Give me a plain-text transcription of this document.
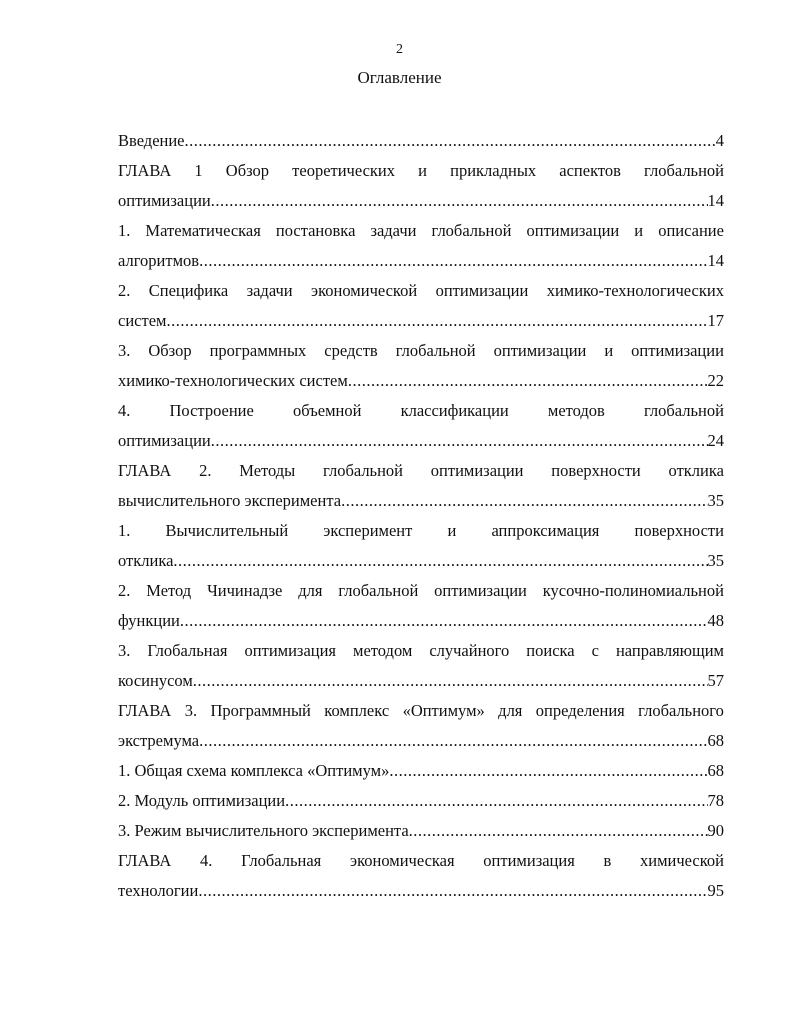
2
Оглавление
Введение .....	4
ГЛАВА 1 Обзор теоретических и прикладных аспектов глобальной
оптимизации .....	14
1. Математическая постановка задачи глобальной оптимизации и описание
алгоритмов .....	14
2. Специфика задачи экономической оптимизации химико-технологических
систем .....	17
3. Обзор программных средств глобальной оптимизации и оптимизации
химико-технологических систем .....	22
4. Построение объемной классификации методов глобальной
оптимизации .....	24
ГЛАВА 2. Методы глобальной оптимизации поверхности отклика
вычислительного эксперимента .....	35
1. Вычислительный эксперимент и аппроксимация поверхности
отклика .....	35
2. Метод Чичинадзе для глобальной оптимизации кусочно-полиномиальной
функции .....	48
3. Глобальная оптимизация методом случайного поиска с направляющим
косинусом .....	57
ГЛАВА 3. Программный комплекс «Оптимум» для определения глобального
экстремума .....	68
1. Общая схема комплекса «Оптимум» .....	68
2. Модуль оптимизации .....	78
3. Режим вычислительного эксперимента .....	90
ГЛАВА 4. Глобальная экономическая оптимизация в химической
технологии .....	95
